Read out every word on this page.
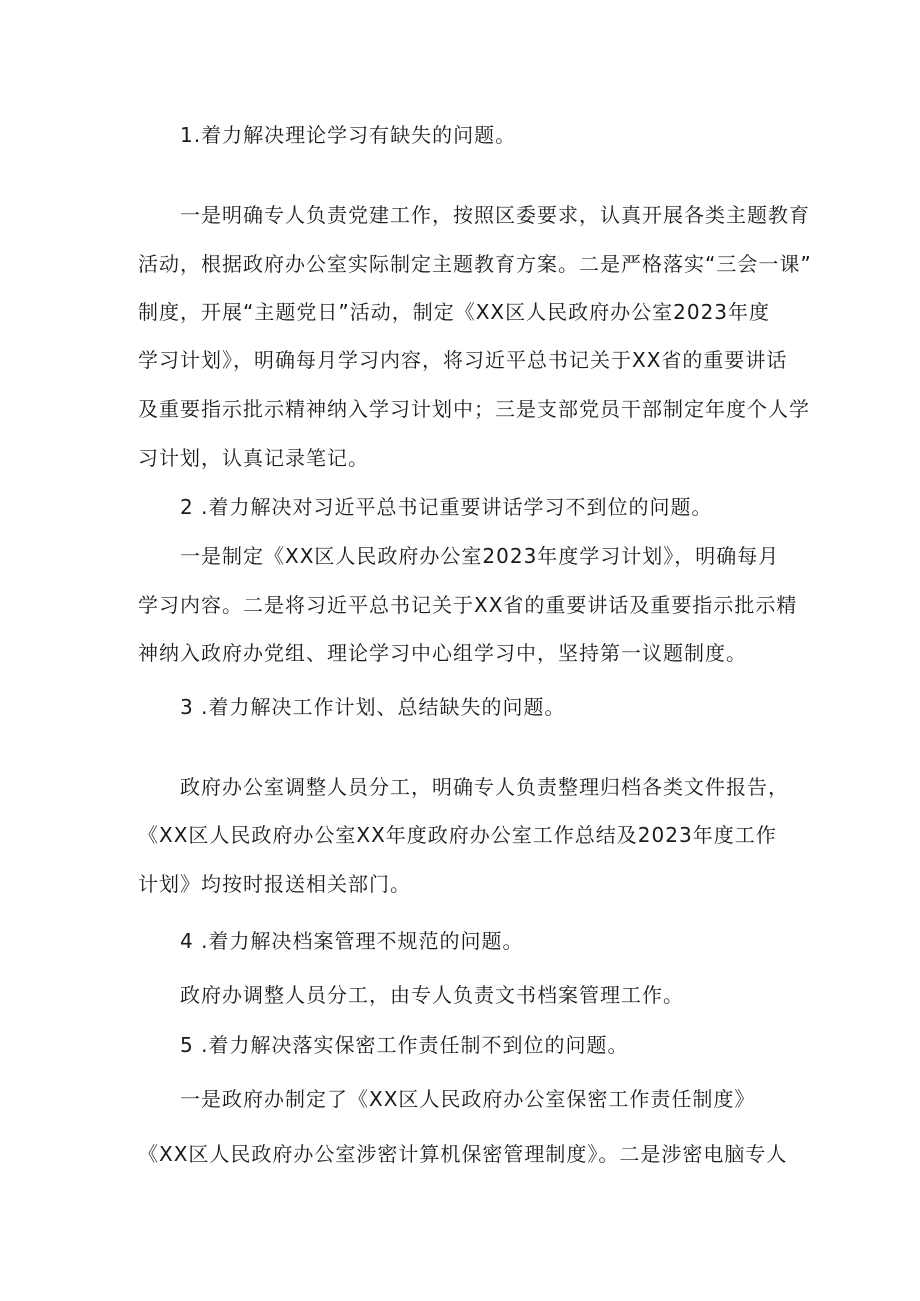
1.着力解决理论学习有缺失的问题。
一是明确专人负责党建工作，按照区委要求，认真开展各类主题教育
活动，根据政府办公室实际制定主题教育方案。二是严格落实“三会一课”
制度，开展“主题党日”活动，制定《XX区人民政府办公室2023年度
学习计划》，明确每月学习内容，将习近平总书记关于XX省的重要讲话
及重要指示批示精神纳入学习计划中；三是支部党员干部制定年度个人学
习计划，认真记录笔记。
2 .着力解决对习近平总书记重要讲话学习不到位的问题。
一是制定《XX区人民政府办公室2023年度学习计划》，明确每月
学习内容。二是将习近平总书记关于XX省的重要讲话及重要指示批示精
神纳入政府办党组、理论学习中心组学习中，坚持第一议题制度。
3 .着力解决工作计划、总结缺失的问题。
政府办公室调整人员分工，明确专人负责整理归档各类文件报告，
《XX区人民政府办公室XX年度政府办公室工作总结及2023年度工作
计划》均按时报送相关部门。
4 .着力解决档案管理不规范的问题。
政府办调整人员分工，由专人负责文书档案管理工作。
5 .着力解决落实保密工作责任制不到位的问题。
一是政府办制定了《XX区人民政府办公室保密工作责任制度》
《XX区人民政府办公室涉密计算机保密管理制度》。二是涉密电脑专人
